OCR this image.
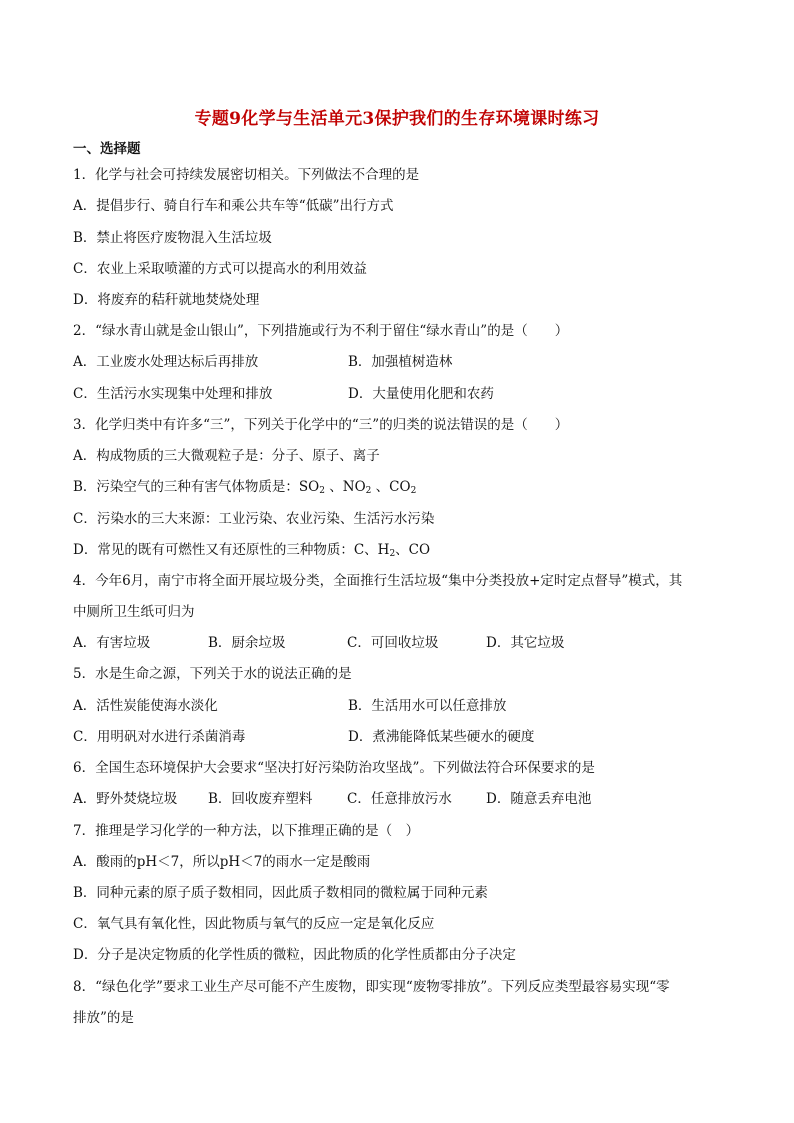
专题9化学与生活单元3保护我们的生存环境课时练习
一、选择题
1．化学与社会可持续发展密切相关。下列做法不合理的是
A．提倡步行、骑自行车和乘公共车等“低碳”出行方式
B．禁止将医疗废物混入生活垃圾
C．农业上采取喷灌的方式可以提高水的利用效益
D．将废弃的秸秆就地焚烧处理
2．“绿水青山就是金山银山”，下列措施或行为不利于留住“绿水青山”的是（　　）
A．工业废水处理达标后再排放	B．加强植树造林
C．生活污水实现集中处理和排放	D．大量使用化肥和农药
3．化学归类中有许多“三”，下列关于化学中的“三”的归类的说法错误的是（　　）
A．构成物质的三大微观粒子是：分子、原子、离子
B．污染空气的三种有害气体物质是：$SO_2$ 、$NO_2$ 、$CO_2$
C．污染水的三大来源：工业污染、农业污染、生活污水污染
D．常见的既有可燃性又有还原性的三种物质：C、$H_2$、CO
4．今年6月，南宁市将全面开展垃圾分类，全面推行生活垃圾“集中分类投放+定时定点督导”模式，其
中厕所卫生纸可归为
A．有害垃圾	B．厨余垃圾	C．可回收垃圾	D．其它垃圾
5．水是生命之源，下列关于水的说法正确的是
A．活性炭能使海水淡化	B．生活用水可以任意排放
C．用明矾对水进行杀菌消毒	D．煮沸能降低某些硬水的硬度
6．全国生态环境保护大会要求“坚决打好污染防治攻坚战”。下列做法符合环保要求的是
A．野外焚烧垃圾 B．回收废弃塑料	C．任意排放污水	D．随意丢弃电池
7．推理是学习化学的一种方法，以下推理正确的是（　）
A．酸雨的pH＜7，所以pH＜7的雨水一定是酸雨
B．同种元素的原子质子数相同，因此质子数相同的微粒属于同种元素
C．氧气具有氧化性，因此物质与氧气的反应一定是氧化反应
D．分子是决定物质的化学性质的微粒，因此物质的化学性质都由分子决定
8．“绿色化学”要求工业生产尽可能不产生废物，即实现“废物零排放”。下列反应类型最容易实现“零
排放”的是
